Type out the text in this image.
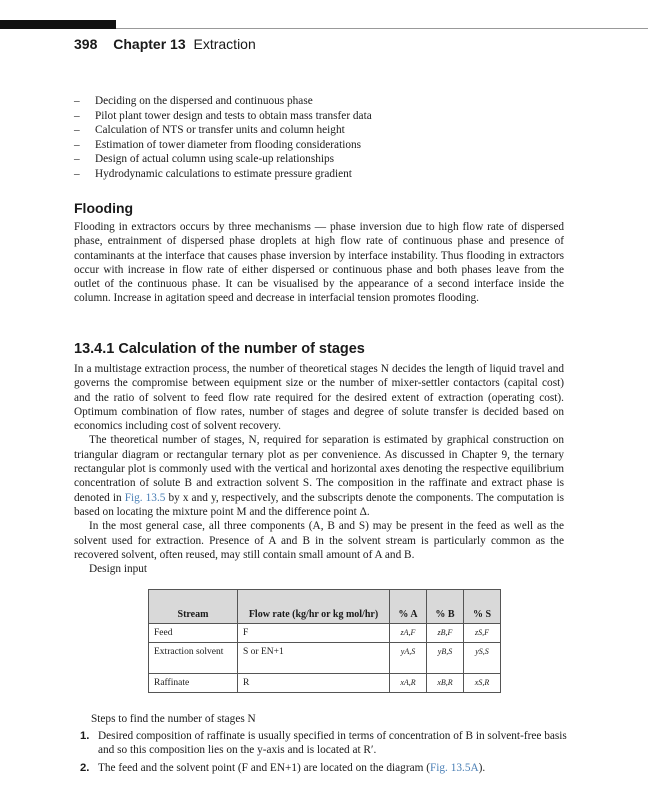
398 Chapter 13 Extraction
–	Deciding on the dispersed and continuous phase
–	Pilot plant tower design and tests to obtain mass transfer data
–	Calculation of NTS or transfer units and column height
–	Estimation of tower diameter from flooding considerations
–	Design of actual column using scale-up relationships
–	Hydrodynamic calculations to estimate pressure gradient
Flooding

Flooding in extractors occurs by three mechanisms — phase inversion due to high flow rate of dispersed phase, entrainment of dispersed phase droplets at high flow rate of continuous phase and presence of contaminants at the interface that causes phase inversion by interface instability. Thus flooding in extractors occur with increase in flow rate of either dispersed or continuous phase and both phases leave from the outlet of the continuous phase. It can be visualised by the appearance of a second interface inside the column. Increase in agitation speed and decrease in interfacial tension promotes flooding.

13.4.1 Calculation of the number of stages

In a multistage extraction process, the number of theoretical stages N decides the length of liquid travel and governs the compromise between equipment size or the number of mixer-settler contactors (capital cost) and the ratio of solvent to feed flow rate required for the desired extent of extraction (operating cost). Optimum combination of flow rates, number of stages and degree of solute transfer is decided based on economics including cost of solvent recovery.

The theoretical number of stages, N, required for separation is estimated by graphical construction on triangular diagram or rectangular ternary plot as per convenience. As discussed in Chapter 9, the ternary rectangular plot is commonly used with the vertical and horizontal axes denoting the respective equilibrium concentration of solute B and extraction solvent S. The composition in the raffinate and extract phase is denoted in Fig. 13.5 by x and y, respectively, and the subscripts denote the components. The computation is based on locating the mixture point M and the difference point Δ.

In the most general case, all three components (A, B and S) may be present in the feed as well as the solvent used for extraction. Presence of A and B in the solvent stream is particularly common as the recovered solvent, often reused, may still contain small amount of A and B.

Design input

Stream	Flow rate (kg/hr or kg mol/hr)	% A	% B	% S
Feed	F	zA,F	zB,F	zS,F
Extraction solvent	S or EN+1	yA,S	yB,S	yS,S
Raffinate	R	xA,R	xB,R	xS,R
Steps to find the number of stages N
1. Desired composition of raffinate is usually specified in terms of concentration of B in solvent-free basis and so this composition lies on the y-axis and is located at R′.
2. The feed and the solvent point (F and EN+1) are located on the diagram (Fig. 13.5A).
